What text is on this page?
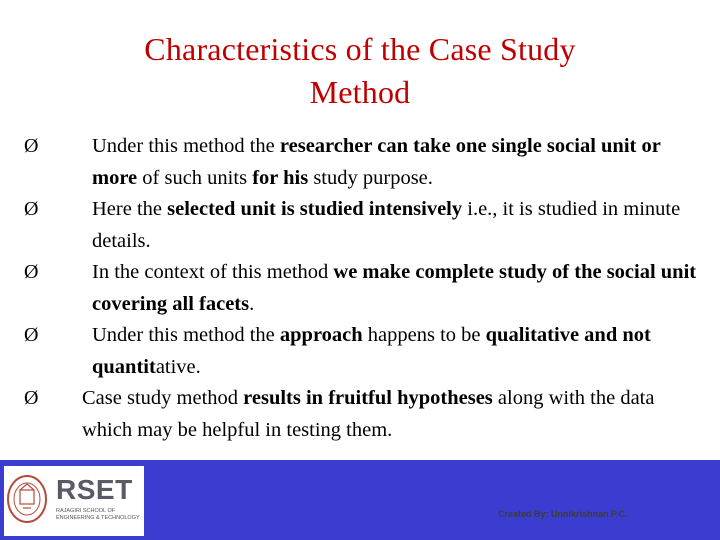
Characteristics of the Case Study
Method
Ø	Under this method the researcher can take one single social unit or more of such units for his study purpose.
Ø	Here the selected unit is studied intensively i.e., it is studied in minute details.
Ø	In the context of this method we make complete study of the social unit covering all facets.
Ø	Under this method the approach happens to be qualitative and not quantitative.
Ø	Case study method results in fruitful hypotheses along with the data which may be helpful in testing them.
RSET
RAJAGIRI SCHOOL OF ENGINEERING & TECHNOLOGY	Created By: Unnikrishnan P.C.
